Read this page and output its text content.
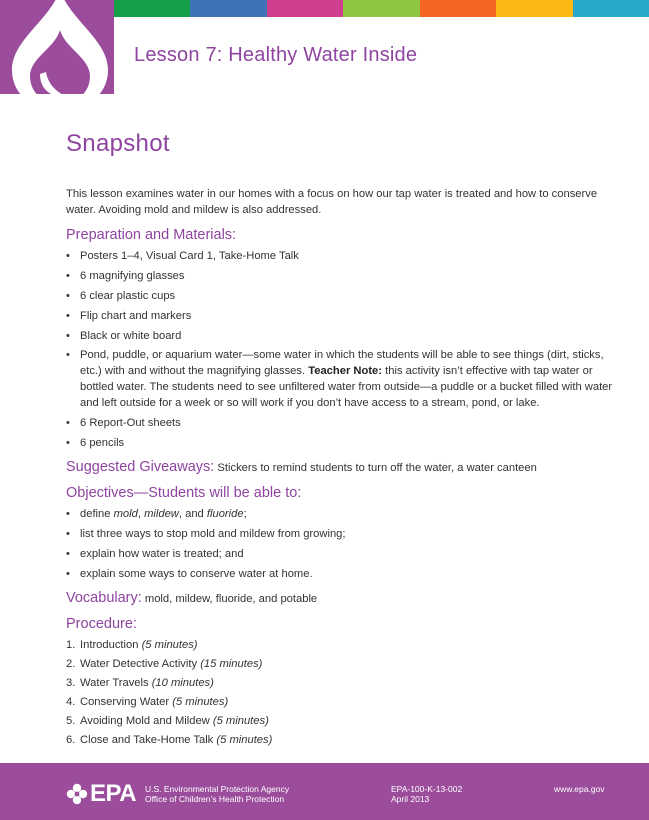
Lesson 7: Healthy Water Inside
Snapshot

This lesson examines water in our homes with a focus on how our tap water is treated and how to conserve water. Avoiding mold and mildew is also addressed.

Preparation and Materials:
• Posters 1–4, Visual Card 1, Take-Home Talk
• 6 magnifying glasses
• 6 clear plastic cups
• Flip chart and markers
• Black or white board
• Pond, puddle, or aquarium water—some water in which the students will be able to see things (dirt, sticks, etc.) with and without the magnifying glasses. Teacher Note: this activity isn’t effective with tap water or bottled water. The students need to see unfiltered water from outside—a puddle or a bucket filled with water and left outside for a week or so will work if you don’t have access to a stream, pond, or lake.
• 6 Report-Out sheets
• 6 pencils
Suggested Giveaways: Stickers to remind students to turn off the water, a water canteen
Objectives—Students will be able to:
• define mold, mildew, and fluoride;
• list three ways to stop mold and mildew from growing;
• explain how water is treated; and
• explain some ways to conserve water at home.
Vocabulary: mold, mildew, fluoride, and potable
Procedure:
1. Introduction (5 minutes)
2. Water Detective Activity (15 minutes)
3. Water Travels (10 minutes)
4. Conserving Water (5 minutes)
5. Avoiding Mold and Mildew (5 minutes)
6. Close and Take-Home Talk (5 minutes)
EPA U.S. Environmental Protection Agency
Office of Children’s Health Protection
EPA-100-K-13-002
April 2013
www.epa.gov
